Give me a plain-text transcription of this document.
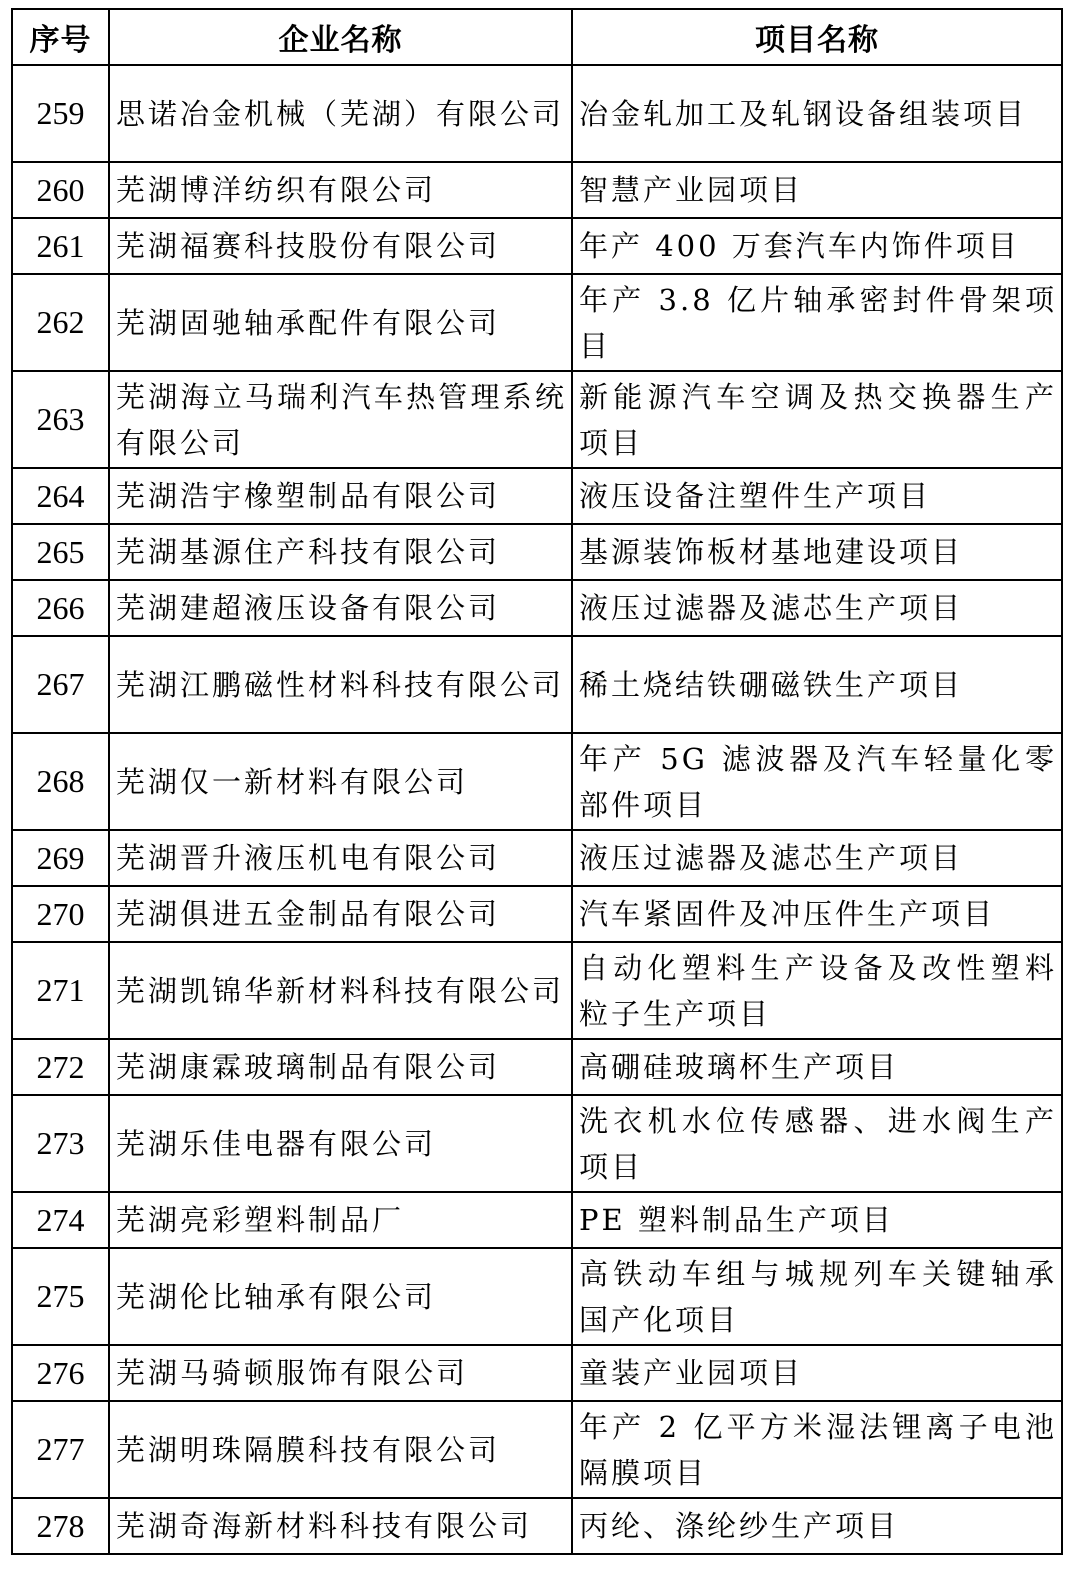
序号	企业名称	项目名称
259	思诺冶金机械（芜湖）有限公司	冶金轧加工及轧钢设备组装项目
260	芜湖博洋纺织有限公司	智慧产业园项目
261	芜湖福赛科技股份有限公司	年产 400 万套汽车内饰件项目
262	芜湖固驰轴承配件有限公司	年产 3.8 亿片轴承密封件骨架项目
263	芜湖海立马瑞利汽车热管理系统有限公司	新能源汽车空调及热交换器生产项目
264	芜湖浩宇橡塑制品有限公司	液压设备注塑件生产项目
265	芜湖基源住产科技有限公司	基源装饰板材基地建设项目
266	芜湖建超液压设备有限公司	液压过滤器及滤芯生产项目
267	芜湖江鹏磁性材料科技有限公司	稀土烧结铁硼磁铁生产项目
268	芜湖仅一新材料有限公司	年产 5G 滤波器及汽车轻量化零部件项目
269	芜湖晋升液压机电有限公司	液压过滤器及滤芯生产项目
270	芜湖俱进五金制品有限公司	汽车紧固件及冲压件生产项目
271	芜湖凯锦华新材料科技有限公司	自动化塑料生产设备及改性塑料粒子生产项目
272	芜湖康霖玻璃制品有限公司	高硼硅玻璃杯生产项目
273	芜湖乐佳电器有限公司	洗衣机水位传感器、进水阀生产项目
274	芜湖亮彩塑料制品厂	PE 塑料制品生产项目
275	芜湖伦比轴承有限公司	高铁动车组与城规列车关键轴承国产化项目
276	芜湖马骑顿服饰有限公司	童装产业园项目
277	芜湖明珠隔膜科技有限公司	年产 2 亿平方米湿法锂离子电池隔膜项目
278	芜湖奇海新材料科技有限公司	丙纶、涤纶纱生产项目
